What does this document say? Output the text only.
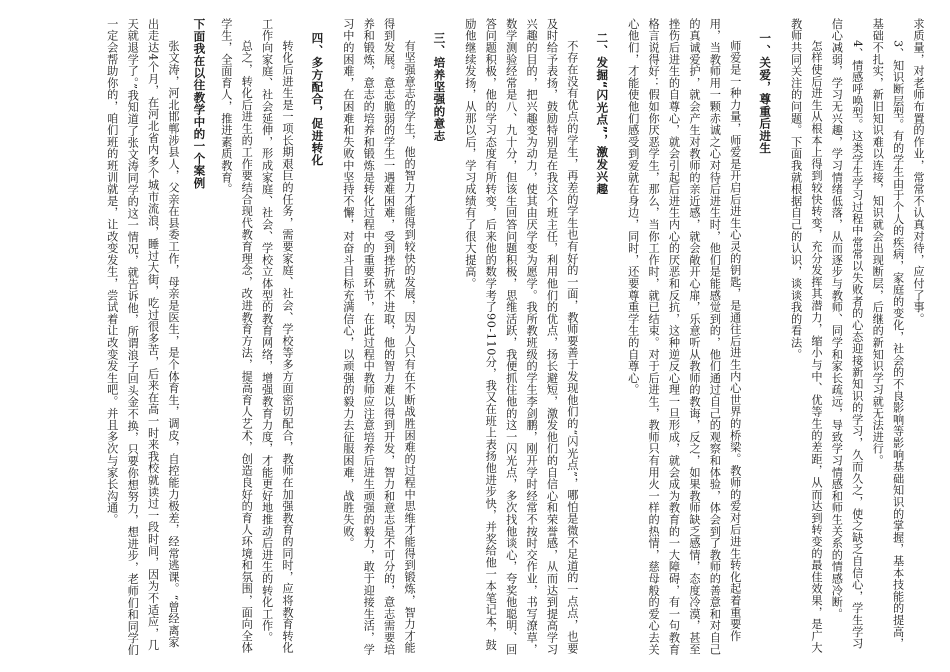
求质量，对老师布置的作业，常常不认真对待，应付了事。

3、知识断层型。有的学生由于个人的疾病，家庭的变化，社会的不良影响等影响基础知识的掌握，基本技能的提高，基础不扎实，新旧知识难以连接，知识就会出现断层，后继的新知识学习就无法进行。

4、情感呼唤型。这类学生学习过程中常常以失败者的心态迎接新知识的学习，久而久之，使之缺乏自信心，学生学习信心减弱，学习无兴趣，学习情绪低落，从而逐步与教师、同学和家长疏远，导致学习情感和师生关系的情感冷断。

怎样使后进生从根本上得到较快转变，充分发挥其潜力，缩小与中、优等生的差距，从而达到转变的最佳效果，是广大教师共同关注的问题。下面我就根据自己的认识，谈谈我的看法。

一、关爱，尊重后进生

师爱是一种力量，师爱是开启后进生心灵的钥匙，是通往后进生内心世界的桥梁。教师的爱对后进生转化起着重要作用，当教师用一颗赤诚之心对待后进生时，他们是能感觉到的，他们通过自己的观察和体验，体会到了教师的善意和对自己的真诚爱护，就会产生对教师的亲近感，就会敞开心扉，乐意听从教师的教诲，反之，如果教师缺乏感情，态度冷漠，甚至挫伤后进生的自尊心，就会引起后进生内心的厌恶和反抗，这种逆反心理一旦形成，就会成为教育的一大障碍，有一句教育格言说得好：假如你厌恶学生，那么，当你工作时，就已结束。对于后进生，教师只有用火一样的热情，慈母般的爱心去关心他们，才能使他们感受到爱就在身边，同时，还要尊重学生的自尊心。

二、发掘“闪光点”，激发兴趣

不存在没有优点的学生，再差的学生也有好的一面，教师要善于发现他们的“闪光点”，哪怕是微不足道的一点点，也要及时给予表扬，鼓励特别是在我这个班主任，利用他们的优点，扬长避短，激发他们的自信心和荣誉感，从而达到提高学习兴趣的目的，把兴趣变为动力，使其由厌学变为愿学。我所教班级的学生李剑鹏，刚开学时经常不按时交作业，书写潦草，数学测验经常是八、九十分，但该生回答问题积极，思维活跃，我便抓住他的这一闪光点，多次找他谈心，夸奖他聪明、回答问题积极，他的学习态度有所转变，后来他的数学考了90-110分，我又在班上表扬他进步快，并奖给他一本笔记本，鼓励他继续发扬，从那以后，学习成绩有了很大提高。

三、培养坚强的意志

有坚强意志的学生，他的智力才能得到较快的发展，因为人只有在不断战胜困难的过程中思维才能得到锻炼，智力才能得到发展。意志脆弱的学生一遇难困难，受到挫折就不进取，他的智力难以得到开发，智力和意志是不可分的，意志需要培养和锻炼，意志的培养和锻炼是转化过程中的重要环节，在此过程中教师应注意培养后进生顽强的毅力，敢于迎接生活，学习中的困难，在困难和失败中坚持不懈，对奋斗目标充满信心，以顽强的毅力去征服困难，战胜失败。

四、多方配合，促进转化

转化后进生是一项长期艰巨的任务，需要家庭、社会、学校等多方面密切配合，教师在加强教育的同时，应将教育转化工作向家庭、社会延伸，形成家庭、社会、学校立体型的教育网络，增强教育力度，才能更好地推动后进生的转化工作。

总之，转化后进生的工作要结合现代教育理念，改进教育方法，提高育人艺术，创造良好的育人环境和氛围，面向全体学生，全面育人，推进素质教育。

下面我在以往教学中的一个案例

张文涛，河北邯郸涉县人，父亲在县委工作，母亲是医生，是个体育生，调皮，自控能力极差，经常逃课。“曾经离家出走达4个月，在河北省内多个城市流浪，睡过大街，吃过很多苦，后来在高一时来我校就读过一段时间，因为不适应，几天就退学了。”我知道了张文涛同学的这一情况，就告诉他，所谓浪子回头金不换，只要你想努力，想进步，老师们和同学们一定会帮助你的，咱们班的班训就是，让改变发生，尝试着让改变发生吧。并且多次与家长沟通。
